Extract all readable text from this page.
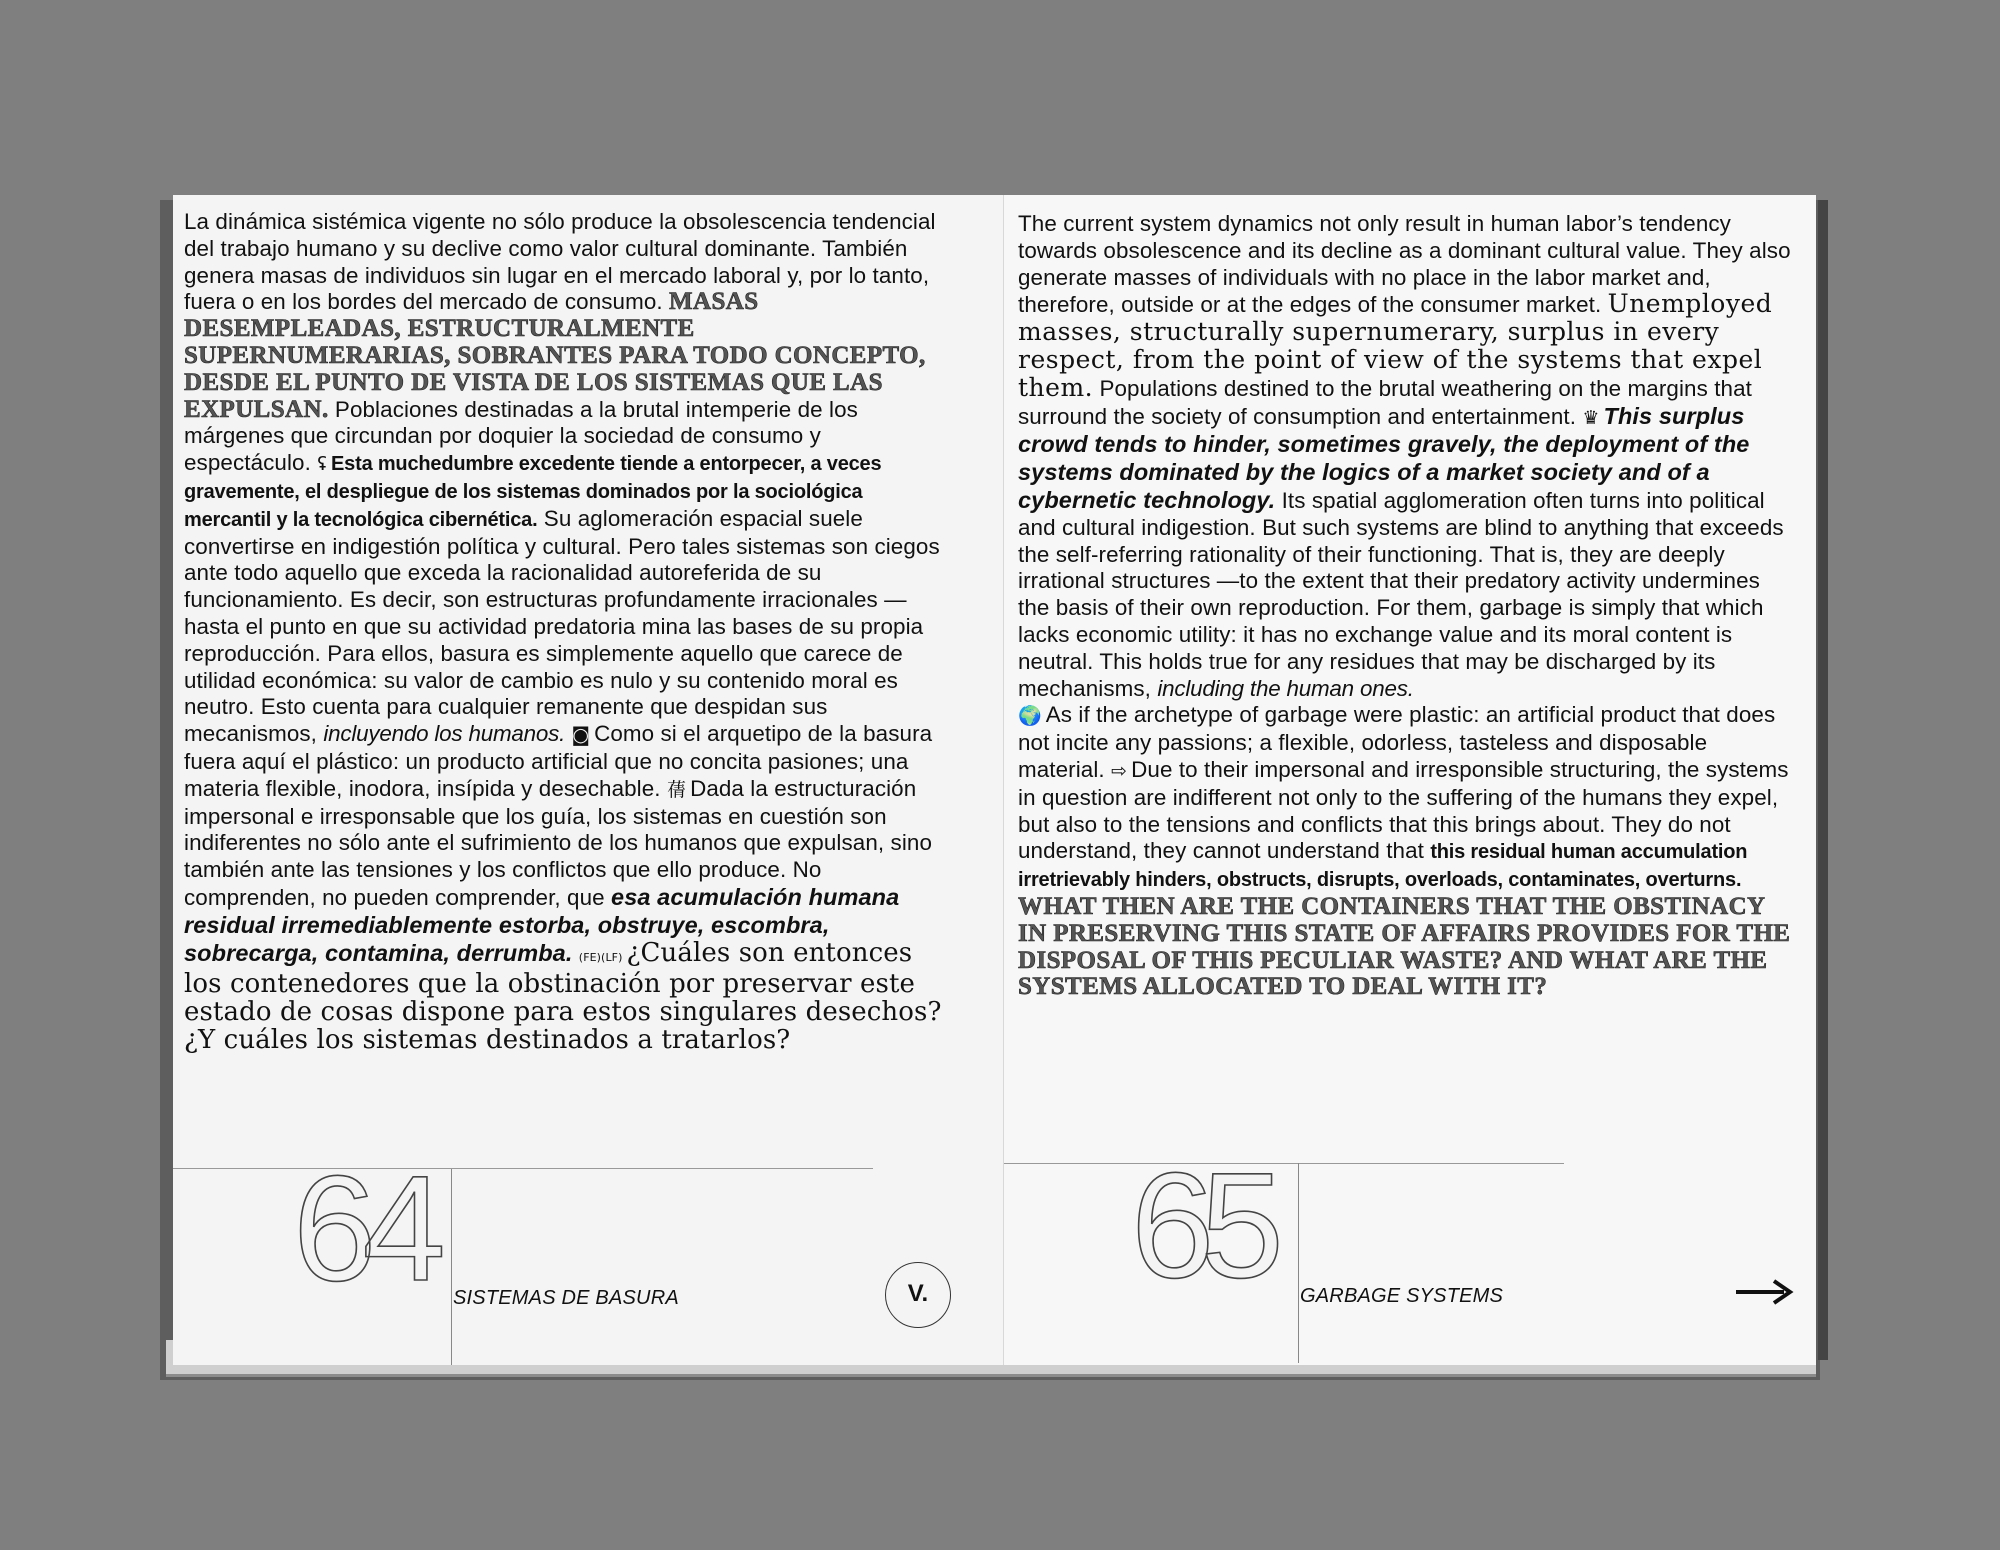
La dinámica sistémica vigente no sólo produce la obsolescencia tendencial del trabajo humano y su declive como valor cultural dominante. También genera masas de individuos sin lugar en el mercado laboral y, por lo tanto, fuera o en los bordes del mercado de consumo. MASAS DESEMPLEADAS, ESTRUCTURALMENTE SUPERNUMERARIAS, SOBRANTES PARA TODO CONCEPTO, DESDE EL PUNTO DE VISTA DE LOS SISTEMAS QUE LAS EXPULSAN. Poblaciones destinadas a la brutal intemperie de los márgenes que circundan por doquier la sociedad de consumo y espectáculo. ʢ Esta muchedumbre excedente tiende a entorpecer, a veces gravemente, el despliegue de los sistemas dominados por la sociológica mercantil y la tecnológica cibernética. Su aglomeración espacial suele convertirse en indigestión política y cultural. Pero tales sistemas son ciegos ante todo aquello que exceda la racionalidad autoreferida de su funcionamiento. Es decir, son estructuras profundamente irracionales —hasta el punto en que su actividad predatoria mina las bases de su propia reproducción. Para ellos, basura es simplemente aquello que carece de utilidad económica: su valor de cambio es nulo y su contenido moral es neutro. Esto cuenta para cualquier remanente que despidan sus mecanismos, incluyendo los humanos. ◙ Como si el arquetipo de la basura fuera aquí el plástico: un producto artificial que no concita pasiones; una materia flexible, inodora, insípida y desechable. 蒨 Dada la estructuración impersonal e irresponsable que los guía, los sistemas en cuestión son indiferentes no sólo ante el sufrimiento de los humanos que expulsan, sino también ante las tensiones y los conflictos que ello produce. No comprenden, no pueden comprender, que esa acumulación humana residual irremediablemente estorba, obstruye, escombra, sobrecarga, contamina, derrumba. (FE)(LF) ¿Cuáles son entonces los contenedores que la obstinación por preservar este estado de cosas dispone para estos singulares desechos? ¿Y cuáles los sistemas destinados a tratarlos?

64 SISTEMAS DE BASURA	V.

The current system dynamics not only result in human labor’s tendency towards obsolescence and its decline as a dominant cultural value. They also generate masses of individuals with no place in the labor market and, therefore, outside or at the edges of the consumer market. Unemployed masses, structurally supernumerary, surplus in every respect, from the point of view of the systems that expel them. Populations destined to the brutal weathering on the margins that surround the society of consumption and entertainment. ♛ This surplus crowd tends to hinder, sometimes gravely, the deployment of the systems dominated by the logics of a market society and of a cybernetic technology. Its spatial agglomeration often turns into political and cultural indigestion. But such systems are blind to anything that exceeds the self-referring rationality of their functioning. That is, they are deeply irrational structures —to the extent that their predatory activity undermines the basis of their own reproduction. For them, garbage is simply that which lacks economic utility: it has no exchange value and its moral content is neutral. This holds true for any residues that may be discharged by its mechanisms, including the human ones.
🌍 As if the archetype of garbage were plastic: an artificial product that does not incite any passions; a flexible, odorless, tasteless and disposable material. ⇨ Due to their impersonal and irresponsible structuring, the systems in question are indifferent not only to the suffering of the humans they expel, but also to the tensions and conflicts that this brings about. They do not understand, they cannot understand that this residual human accumulation irretrievably hinders, obstructs, disrupts, overloads, contaminates, overturns. WHAT THEN ARE THE CONTAINERS THAT THE OBSTINACY IN PRESERVING THIS STATE OF AFFAIRS PROVIDES FOR THE DISPOSAL OF THIS PECULIAR WASTE? AND WHAT ARE THE SYSTEMS ALLOCATED TO DEAL WITH IT?

65 GARBAGE SYSTEMS
